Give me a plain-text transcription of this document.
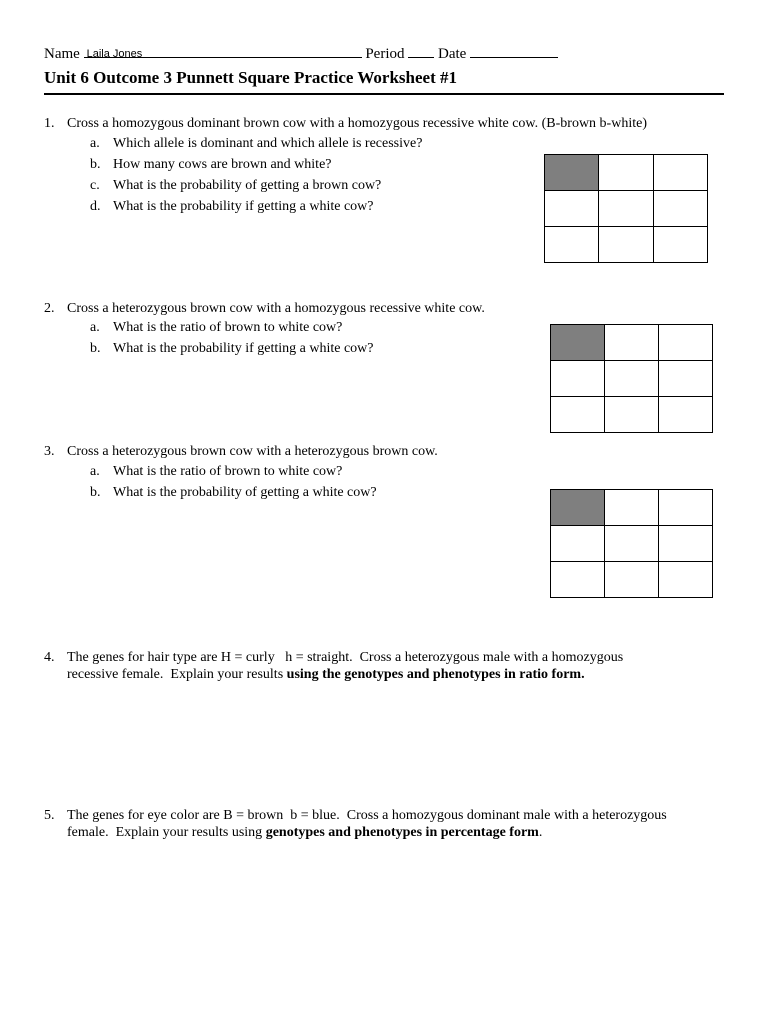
Name Laila Jones	Period Date
Unit 6 Outcome 3 Punnett Square Practice Worksheet #1
1. Cross a homozygous dominant brown cow with a homozygous recessive white cow. (B-brown b-white)
a. Which allele is dominant and which allele is recessive?
b. How many cows are brown and white?
c. What is the probability of getting a brown cow?
d. What is the probability if getting a white cow?
2. Cross a heterozygous brown cow with a homozygous recessive white cow.
a. What is the ratio of brown to white cow?
b. What is the probability if getting a white cow?
3. Cross a heterozygous brown cow with a heterozygous brown cow.
a. What is the ratio of brown to white cow?
b. What is the probability of getting a white cow?
4. The genes for hair type are H = curly   h = straight.  Cross a heterozygous male with a homozygous
recessive female.  Explain your results using the genotypes and phenotypes in ratio form.
5. The genes for eye color are B = brown  b = blue.  Cross a homozygous dominant male with a heterozygous
female.  Explain your results using genotypes and phenotypes in percentage form.
